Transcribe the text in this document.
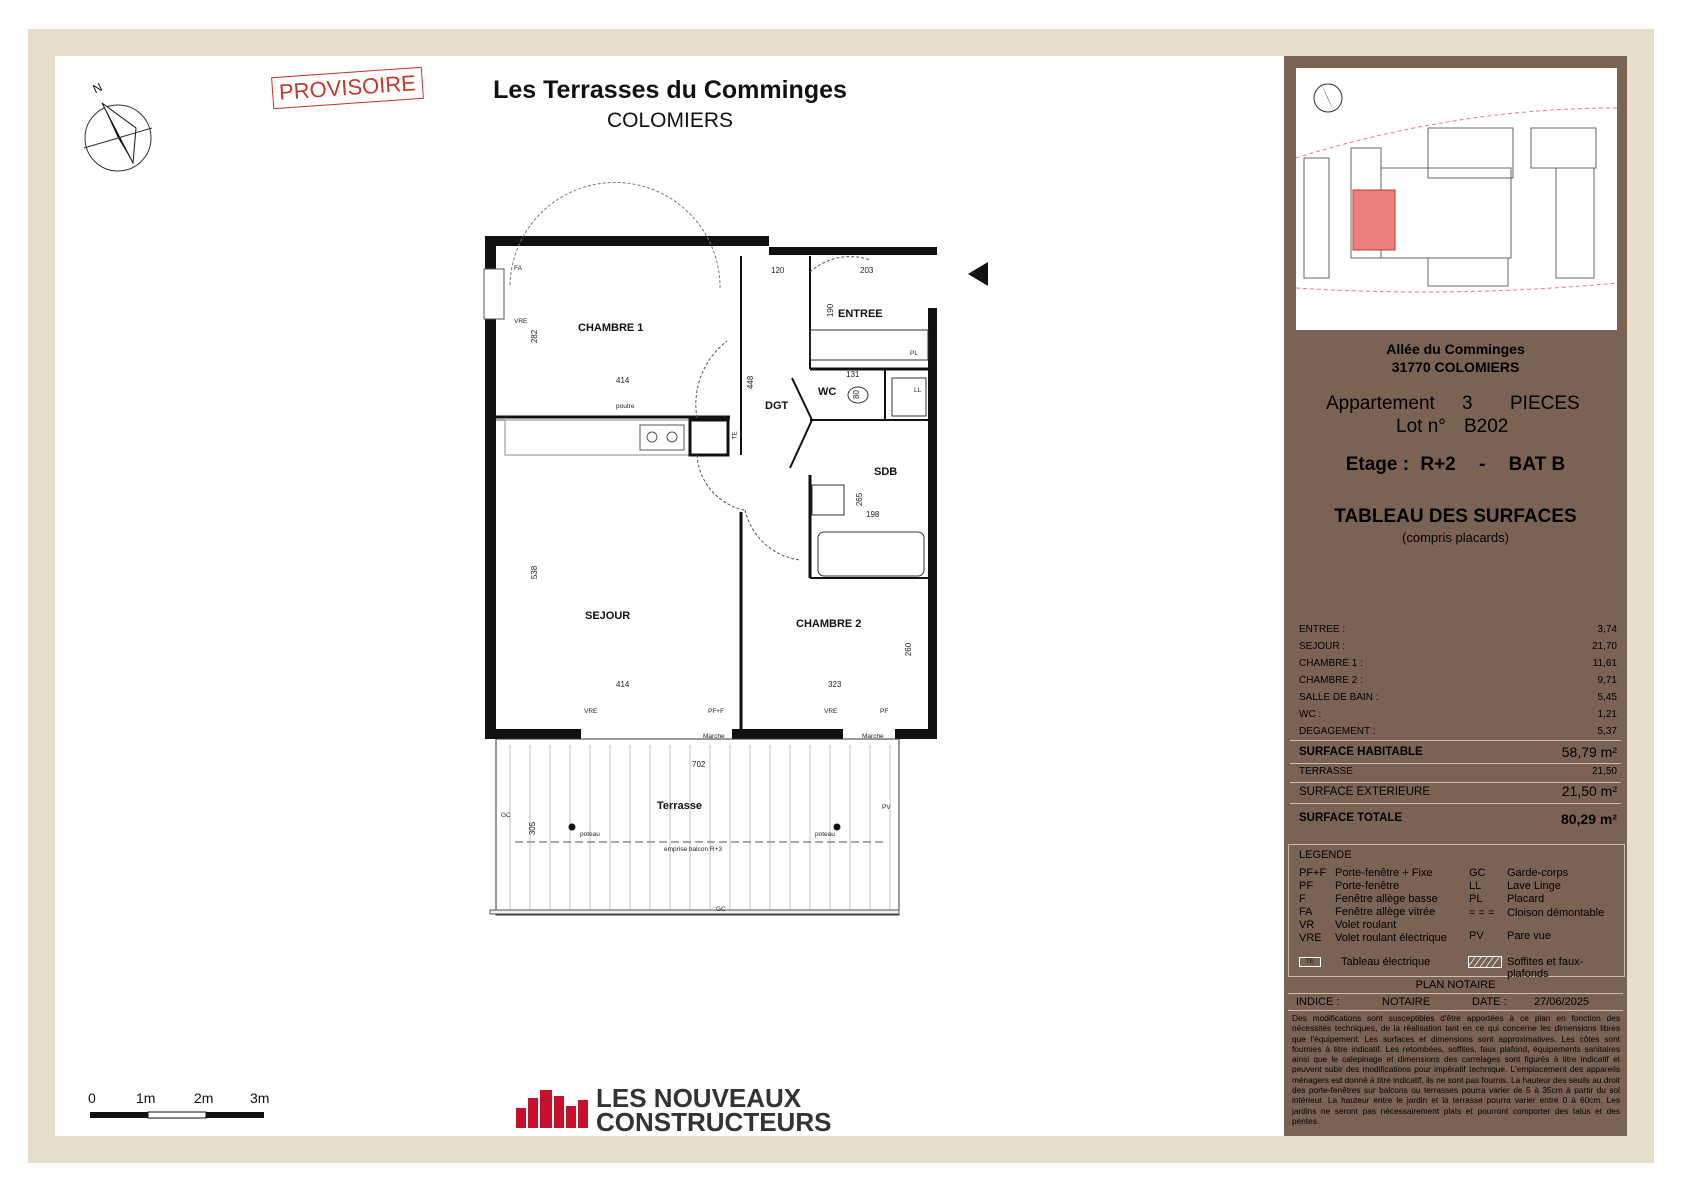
N	PROVISOIRE	Les Terrasses du Comminges
COLOMIERS
CHAMBRE 1
ENTREE
DGT
WC
SDB
SEJOUR
CHAMBRE 2
Terrasse
120	203
190
282
414	448
131
80
265
198
538
414	323
260
702
305
FA
VRE
poutre
TE
PL
LL
VRE	PF+F	VRE	PF
Marche	Marche
GC
GC
PV
poteau	poteau
emprise balcon R+3
0	1m	2m	3m	LES NOUVEAUX
CONSTRUCTEURS
Allée du Comminges
31770 COLOMIERS
Appartement 3 PIECES
Lot n° B202
Etage : R+2 - BAT B
TABLEAU DES SURFACES
(compris placards)
ENTREE :	3,74
SEJOUR :	21,70
CHAMBRE 1 :	11,61
CHAMBRE 2 :	9,71
SALLE DE BAIN :	5,45
WC :	1,21
DEGAGEMENT :	5,37
SURFACE HABITABLE	58,79 m²
TERRASSE	21,50
SURFACE EXTERIEURE	21,50 m²
SURFACE TOTALE	80,29 m²
LEGENDE
PF+F Porte-fenêtre + Fixe
PF Porte-fenêtre
F	Fenêtre allège basse
FA Fenêtre allège vitrée
VR Volet roulant
VRE Volet roulant électrique
GC Garde-corps
LL Lave Linge
PL Placard
= = = Cloison démontable
PV Pare vue
TE	Tableau électrique	Soffites et faux-plafonds
PLAN NOTAIRE
INDICE :	NOTAIRE	DATE : 27/06/2025
Des modifications sont susceptibles d'être apportées à ce plan en fonction des nécessités techniques, de la réalisation tant en ce qui concerne les dimensions libres que l'équipement. Les surfaces et dimensions sont approximatives. Les côtes sont fournies à titre indicatif. Les retombées, soffites, faux plafond, équipements sanitaires ainsi que le calepinage et dimensions des carrelages sont figurés à titre indicatif et peuvent subir des modifications pour impératif technique. L'emplacement des appareils ménagers est donné à titre indicatif, ils ne sont pas fournis. La hauteur des seuils au droit des porte-fenêtres sur balcons ou terrasses pourra varier de 5 à 35cm à partir du sol intérieur. La hauteur entre le jardin et la terrasse pourra varier entre 0 à 60cm. Les jardins ne seront pas nécessairement plats et pourront comporter des talus et des pentes.
